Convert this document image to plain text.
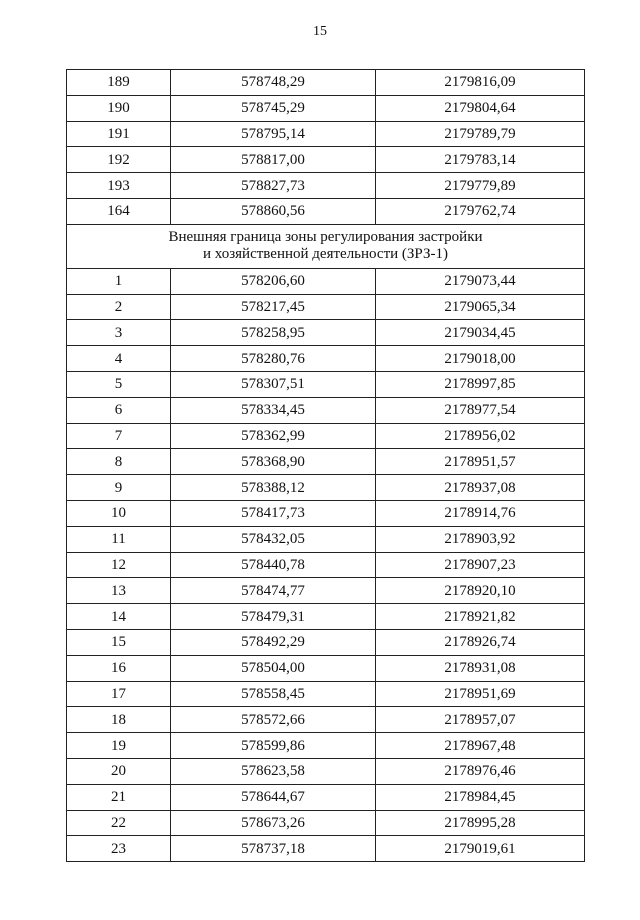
15
189	578748,29	2179816,09
190	578745,29	2179804,64
191	578795,14	2179789,79
192	578817,00	2179783,14
193	578827,73	2179779,89
164	578860,56	2179762,74

Внешняя граница зоны регулирования застройки
и хозяйственной деятельности (ЗРЗ-1)		

1	578206,60	2179073,44
2	578217,45	2179065,34
3	578258,95	2179034,45
4	578280,76	2179018,00
5	578307,51	2178997,85
6	578334,45	2178977,54
7	578362,99	2178956,02
8	578368,90	2178951,57
9	578388,12	2178937,08
10	578417,73	2178914,76
11	578432,05	2178903,92
12	578440,78	2178907,23
13	578474,77	2178920,10
14	578479,31	2178921,82
15	578492,29	2178926,74
16	578504,00	2178931,08
17	578558,45	2178951,69
18	578572,66	2178957,07
19	578599,86	2178967,48
20	578623,58	2178976,46
21	578644,67	2178984,45
22	578673,26	2178995,28
23	578737,18	2179019,61
